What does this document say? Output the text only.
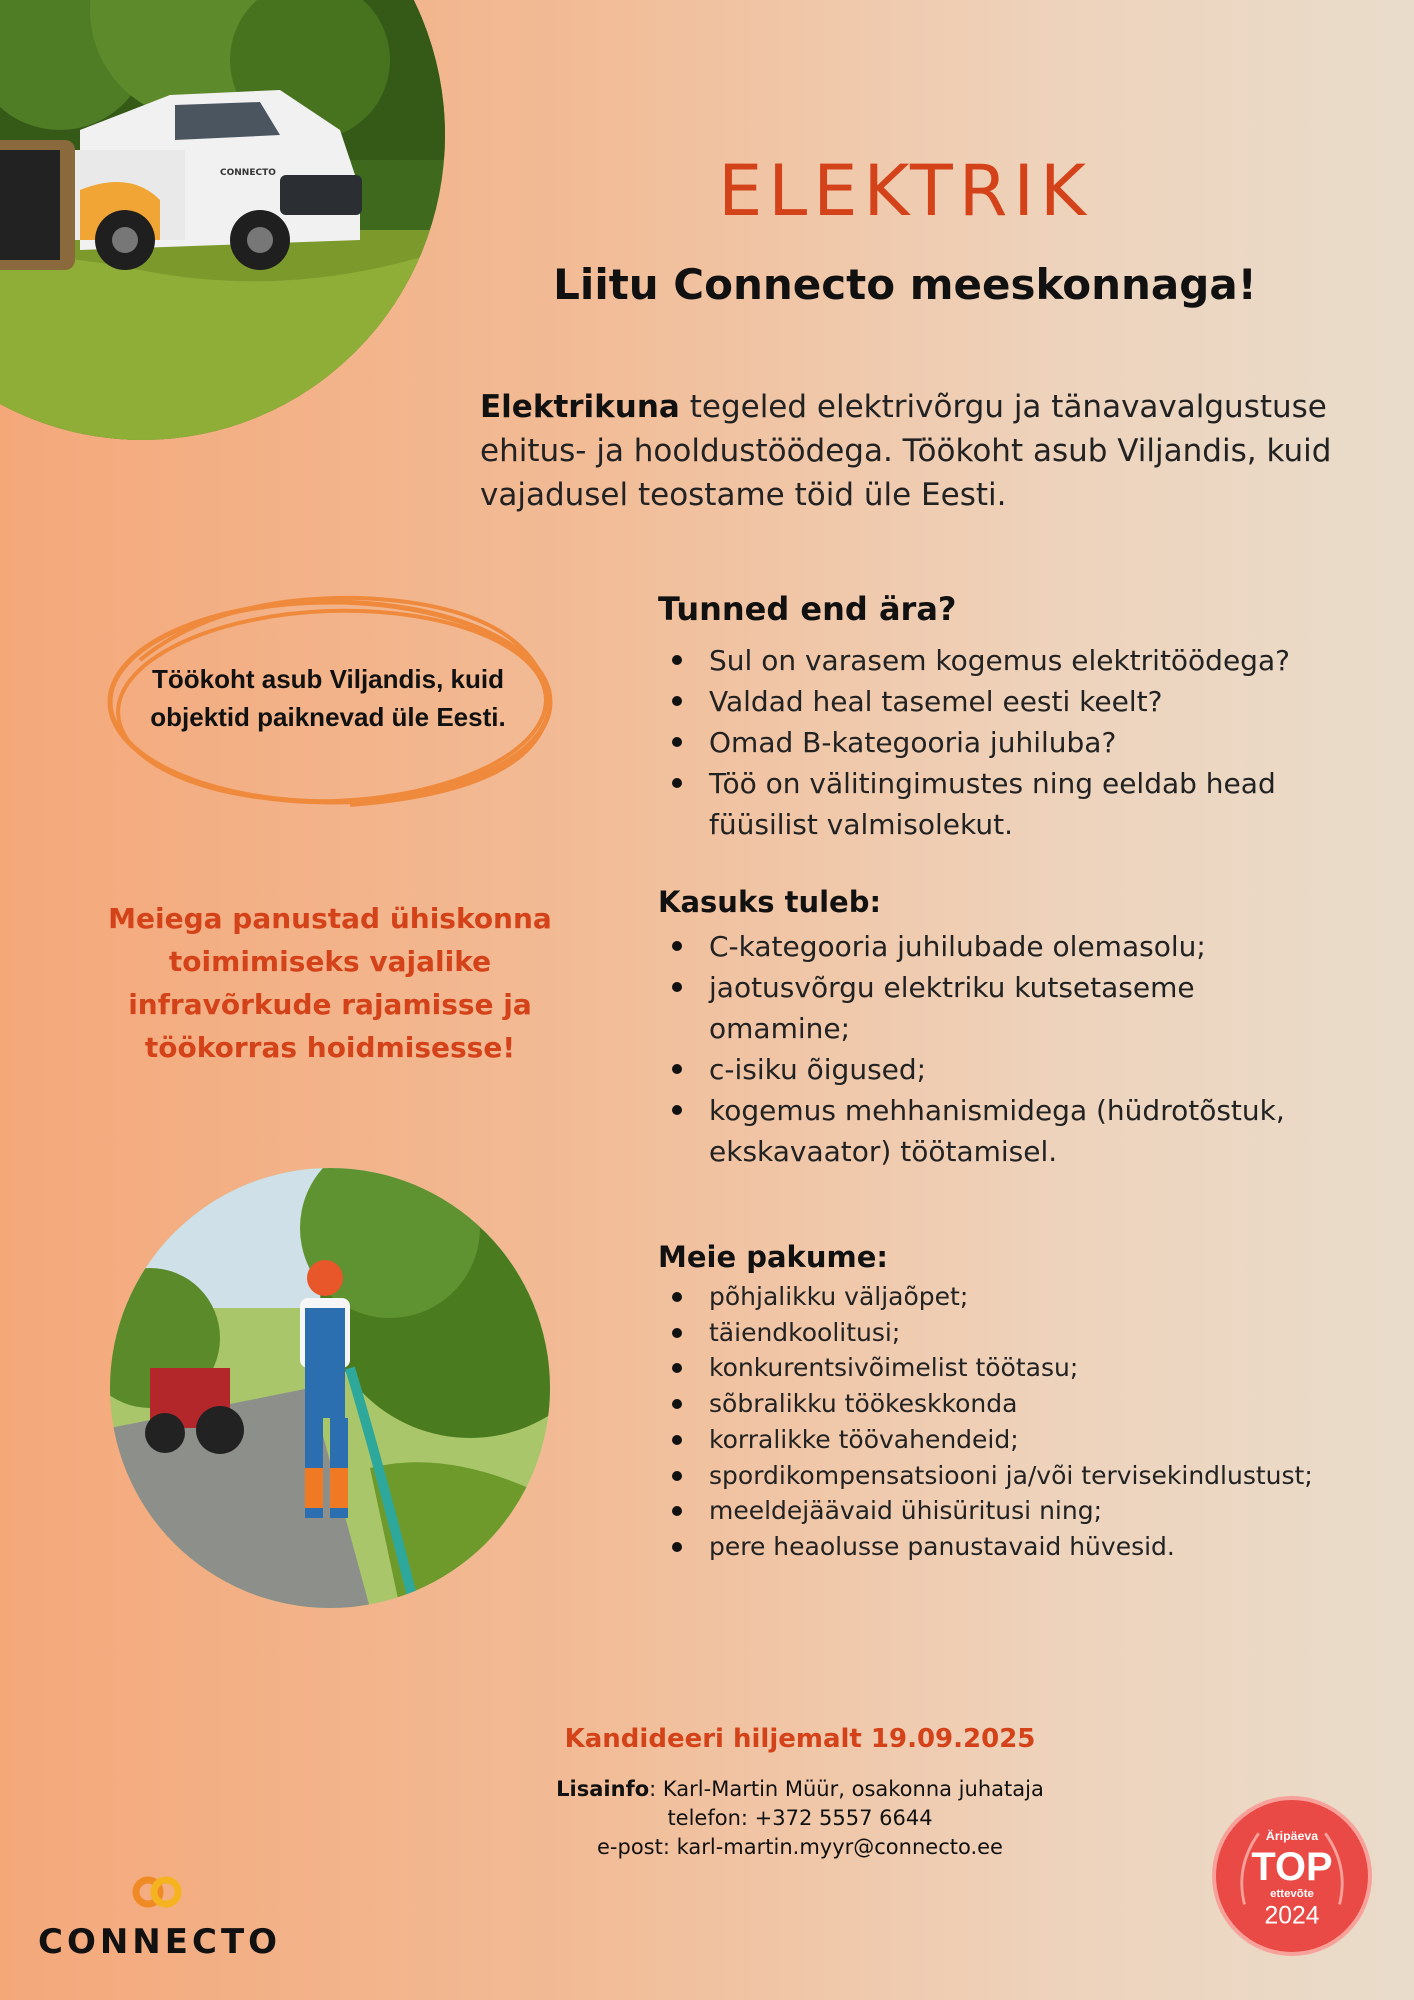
CONNECTO	ELEKTRIK
Liitu Connecto meeskonnaga!
Elektrikuna tegeled elektrivõrgu ja tänavavalgustuse ehitus- ja hooldustöödega. Töökoht asub Viljandis, kuid vajadusel teostame töid üle Eesti.
Töökoht asub Viljandis, kuid
objektid paiknevad üle Eesti.
Meiega panustad ühiskonna toimimiseks vajalike infravõrkude rajamisse ja töökorras hoidmisesse!
Tunned end ära?
Sul on varasem kogemus elektritöödega?
Valdad heal tasemel eesti keelt?
Omad B-kategooria juhiluba?
Töö on välitingimustes ning eeldab head füüsilist valmisolekut.
Kasuks tuleb:
C-kategooria juhilubade olemasolu;
jaotusvõrgu elektriku kutsetaseme omamine;
c-isiku õigused;
kogemus mehhanismidega (hüdrotõstuk, ekskavaator) töötamisel.
Meie pakume:
põhjalikku väljaõpet;
täiendkoolitusi;
konkurentsivõimelist töötasu;
sõbralikku töökeskkonda
korralikke töövahendeid;
spordikompensatsiooni ja/või tervisekindlustust;
meeldejäävaid ühisüritusi ning;
pere heaolusse panustavaid hüvesid.
Kandideeri hiljemalt 19.09.2025
Lisainfo: Karl-Martin Müür, osakonna juhataja
telefon: +372 5557 6644
e-post: karl-martin.myyr@connecto.ee
CONNECTO
Äripäeva
TOP
ettevõte
2024
